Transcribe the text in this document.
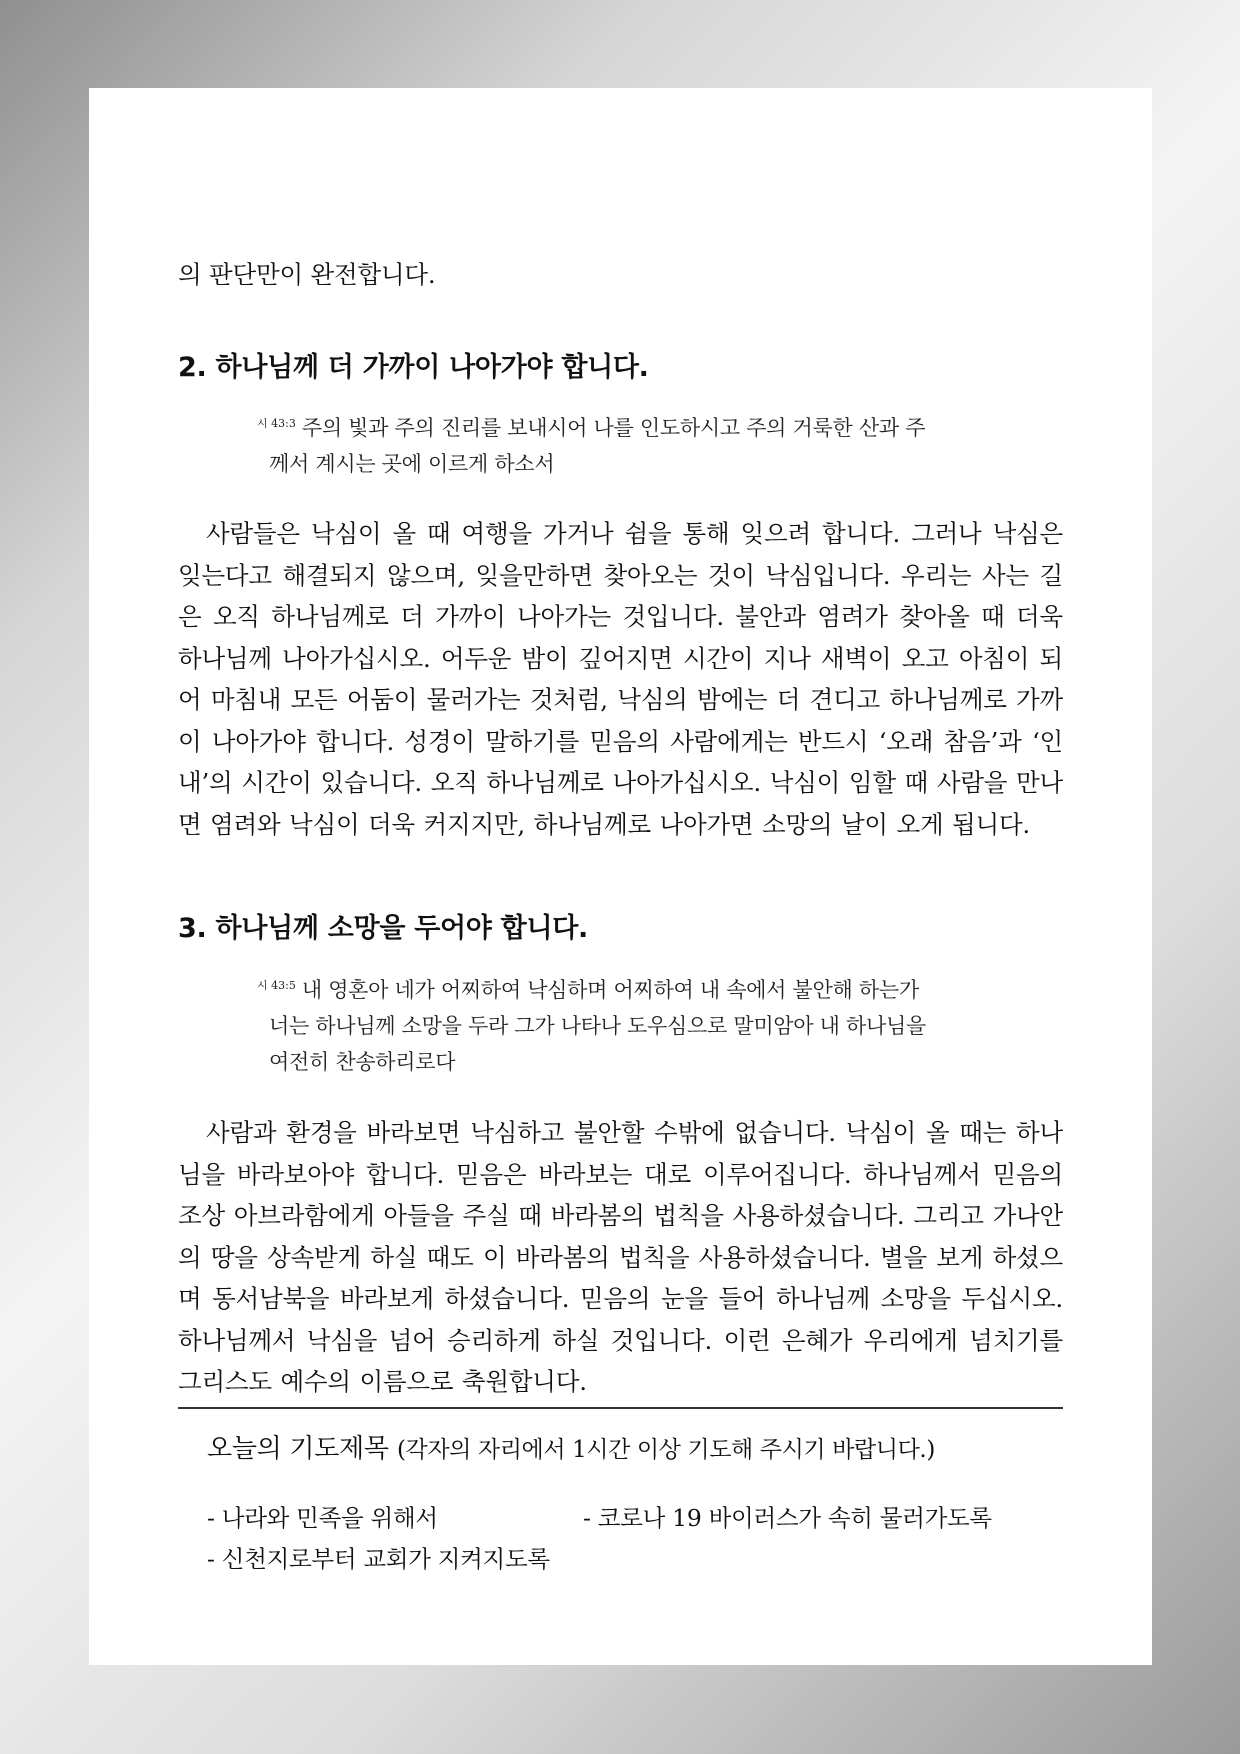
의 판단만이 완전합니다.

2. 하나님께 더 가까이 나아가야 합니다.
$^{시 43:3}$ 주의 빛과 주의 진리를 보내시어 나를 인도하시고 주의 거룩한 산과 주
께서 계시는 곳에 이르게 하소서

사람들은 낙심이 올 때 여행을 가거나 쉼을 통해 잊으려 합니다. 그러나 낙심은 잊는다고 해결되지 않으며, 잊을만하면 찾아오는 것이 낙심입니다. 우리는 사는 길은 오직 하나님께로 더 가까이 나아가는 것입니다. 불안과 염려가 찾아올 때 더욱 하나님께 나아가십시오. 어두운 밤이 깊어지면 시간이 지나 새벽이 오고 아침이 되어 마침내 모든 어둠이 물러가는 것처럼, 낙심의 밤에는 더 견디고 하나님께로 가까이 나아가야 합니다. 성경이 말하기를 믿음의 사람에게는 반드시 ‘오래 참음’과 ‘인내’의 시간이 있습니다. 오직 하나님께로 나아가십시오. 낙심이 임할 때 사람을 만나면 염려와 낙심이 더욱 커지지만, 하나님께로 나아가면 소망의 날이 오게 됩니다.

3. 하나님께 소망을 두어야 합니다.
$^{시 43:5}$ 내 영혼아 네가 어찌하여 낙심하며 어찌하여 내 속에서 불안해 하는가
너는 하나님께 소망을 두라 그가 나타나 도우심으로 말미암아 내 하나님을
여전히 찬송하리로다

사람과 환경을 바라보면 낙심하고 불안할 수밖에 없습니다. 낙심이 올 때는 하나님을 바라보아야 합니다. 믿음은 바라보는 대로 이루어집니다. 하나님께서 믿음의 조상 아브라함에게 아들을 주실 때 바라봄의 법칙을 사용하셨습니다. 그리고 가나안의 땅을 상속받게 하실 때도 이 바라봄의 법칙을 사용하셨습니다. 별을 보게 하셨으며 동서남북을 바라보게 하셨습니다. 믿음의 눈을 들어 하나님께 소망을 두십시오. 하나님께서 낙심을 넘어 승리하게 하실 것입니다. 이런 은혜가 우리에게 넘치기를 그리스도 예수의 이름으로 축원합니다.

오늘의 기도제목 (각자의 자리에서 1시간 이상 기도해 주시기 바랍니다.)

- 나라와 민족을 위해서	- 코로나 19 바이러스가 속히 물러가도록

- 신천지로부터 교회가 지켜지도록
